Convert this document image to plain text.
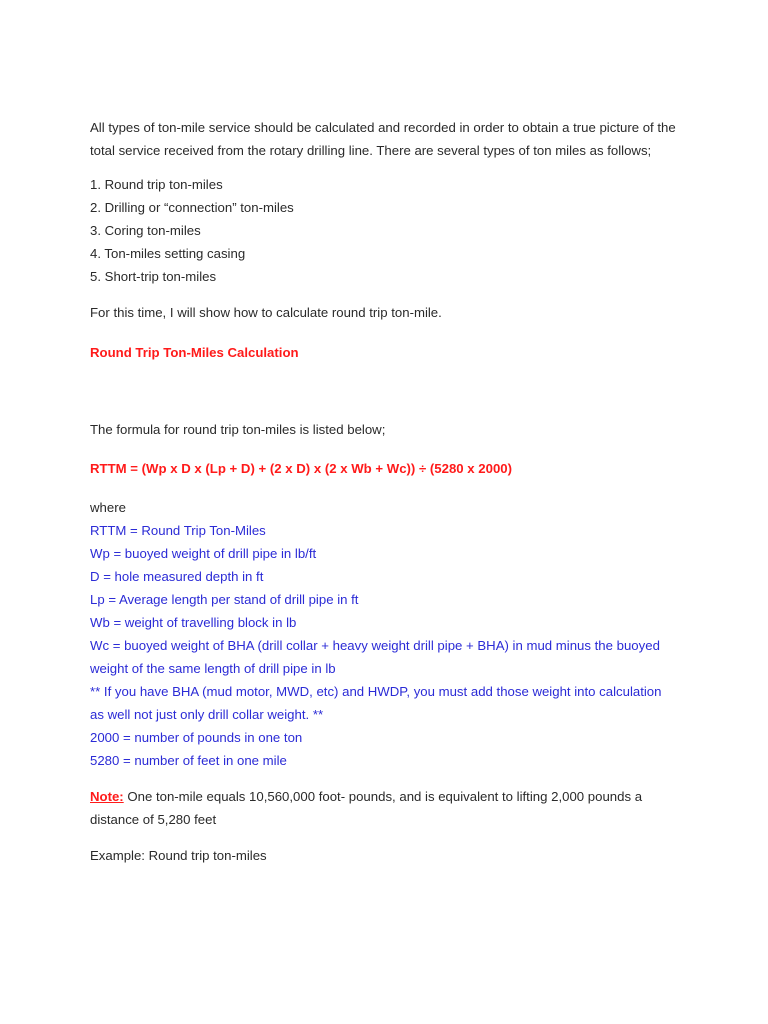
All types of ton-mile service should be calculated and recorded in order to obtain a true picture of the total service received from the rotary drilling line. There are several types of ton miles as follows;

1. Round trip ton-miles

2. Drilling or “connection” ton-miles

3. Coring ton-miles

4. Ton-miles setting casing

5. Short-trip ton-miles

For this time, I will show how to calculate round trip ton-mile.

Round Trip Ton-Miles Calculation

The formula for round trip ton-miles is listed below;

RTTM = (Wp x D x (Lp + D) + (2 x D) x (2 x Wb + Wc)) ÷ (5280 x 2000)

where

RTTM = Round Trip Ton-Miles

Wp = buoyed weight of drill pipe in lb/ft

D = hole measured depth in ft

Lp = Average length per stand of drill pipe in ft

Wb = weight of travelling block in lb

Wc = buoyed weight of BHA (drill collar + heavy weight drill pipe + BHA) in mud minus the buoyed

weight of the same length of drill pipe in lb

** If you have BHA (mud motor, MWD, etc) and HWDP, you must add those weight into calculation

as well not just only drill collar weight. **

2000 = number of pounds in one ton

5280 = number of feet in one mile

Note: One ton-mile equals 10,560,000 foot- pounds, and is equivalent to lifting 2,000 pounds a distance of 5,280 feet

Example: Round trip ton-miles
